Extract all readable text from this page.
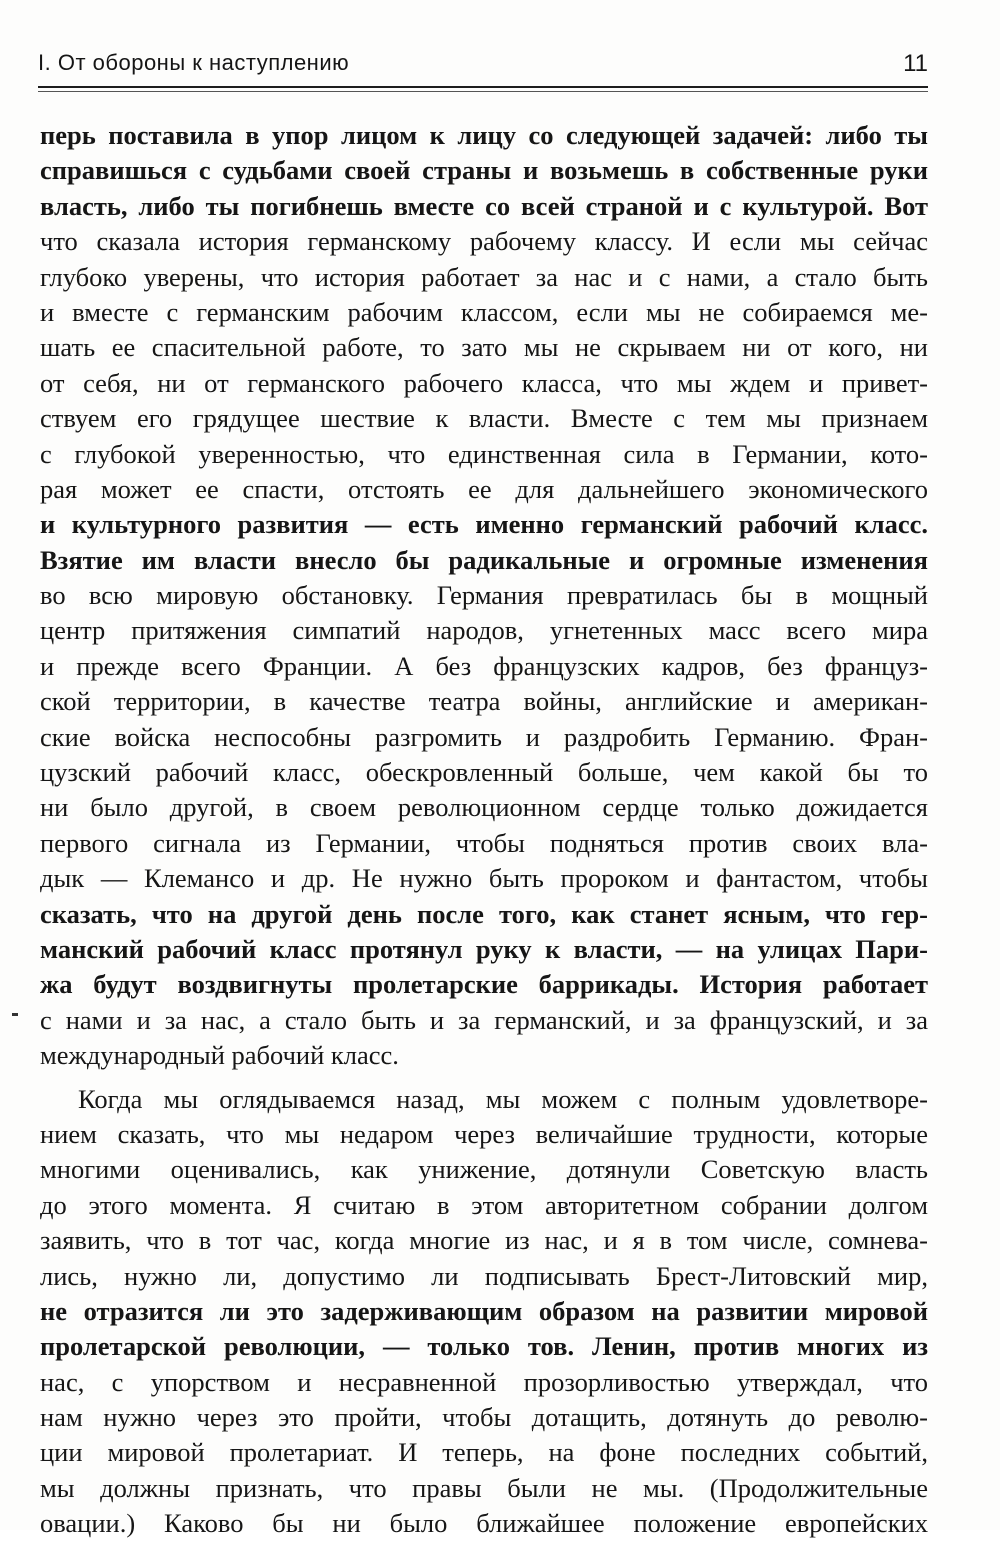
I. От обороны к наступлению	11
перь поставила в упор лицом к лицу со следующей задачей: либо ты
справишься с судьбами своей страны и возьмешь в собственные руки
власть, либо ты погибнешь вместе со всей страной и с культурой. Вот
что сказала история германскому рабочему классу. И если мы сейчас
глубоко уверены, что история работает за нас и с нами, а стало быть
и вместе с германским рабочим классом, если мы не собираемся ме-
шать ее спасительной работе, то зато мы не скрываем ни от кого, ни
от себя, ни от германского рабочего класса, что мы ждем и привет-
ствуем его грядущее шествие к власти. Вместе с тем мы признаем
с глубокой уверенностью, что единственная сила в Германии, кото-
рая может ее спасти, отстоять ее для дальнейшего экономического
и культурного развития — есть именно германский рабочий класс.
Взятие им власти внесло бы радикальные и огромные изменения
во всю мировую обстановку. Германия превратилась бы в мощный
центр притяжения симпатий народов, угнетенных масс всего мира
и прежде всего Франции. А без французских кадров, без француз-
ской территории, в качестве театра войны, английские и американ-
ские войска неспособны разгромить и раздробить Германию. Фран-
цузский рабочий класс, обескровленный больше, чем какой бы то
ни было другой, в своем революционном сердце только дожидается
первого сигнала из Германии, чтобы подняться против своих вла-
дык — Клемансо и др. Не нужно быть пророком и фантастом, чтобы
сказать, что на другой день после того, как станет ясным, что гер-
манский рабочий класс протянул руку к власти, — на улицах Пари-
жа будут воздвигнуты пролетарские баррикады. История работает
с нами и за нас, а стало быть и за германский, и за французский, и за
международный рабочий класс.
Когда мы оглядываемся назад, мы можем с полным удовлетворе-
нием сказать, что мы недаром через величайшие трудности, которые
многими оценивались, как унижение, дотянули Советскую власть
до этого момента. Я считаю в этом авторитетном собрании долгом
заявить, что в тот час, когда многие из нас, и я в том числе, сомнева-
лись, нужно ли, допустимо ли подписывать Брест-Литовский мир,
не отразится ли это задерживающим образом на развитии мировой
пролетарской революции, — только тов. Ленин, против многих из
нас, с упорством и несравненной прозорливостью утверждал, что
нам нужно через это пройти, чтобы дотащить, дотянуть до револю-
ции мировой пролетариат. И теперь, на фоне последних событий,
мы должны признать, что правы были не мы. (Продолжительные
овации.) Каково бы ни было ближайшее положение европейских
